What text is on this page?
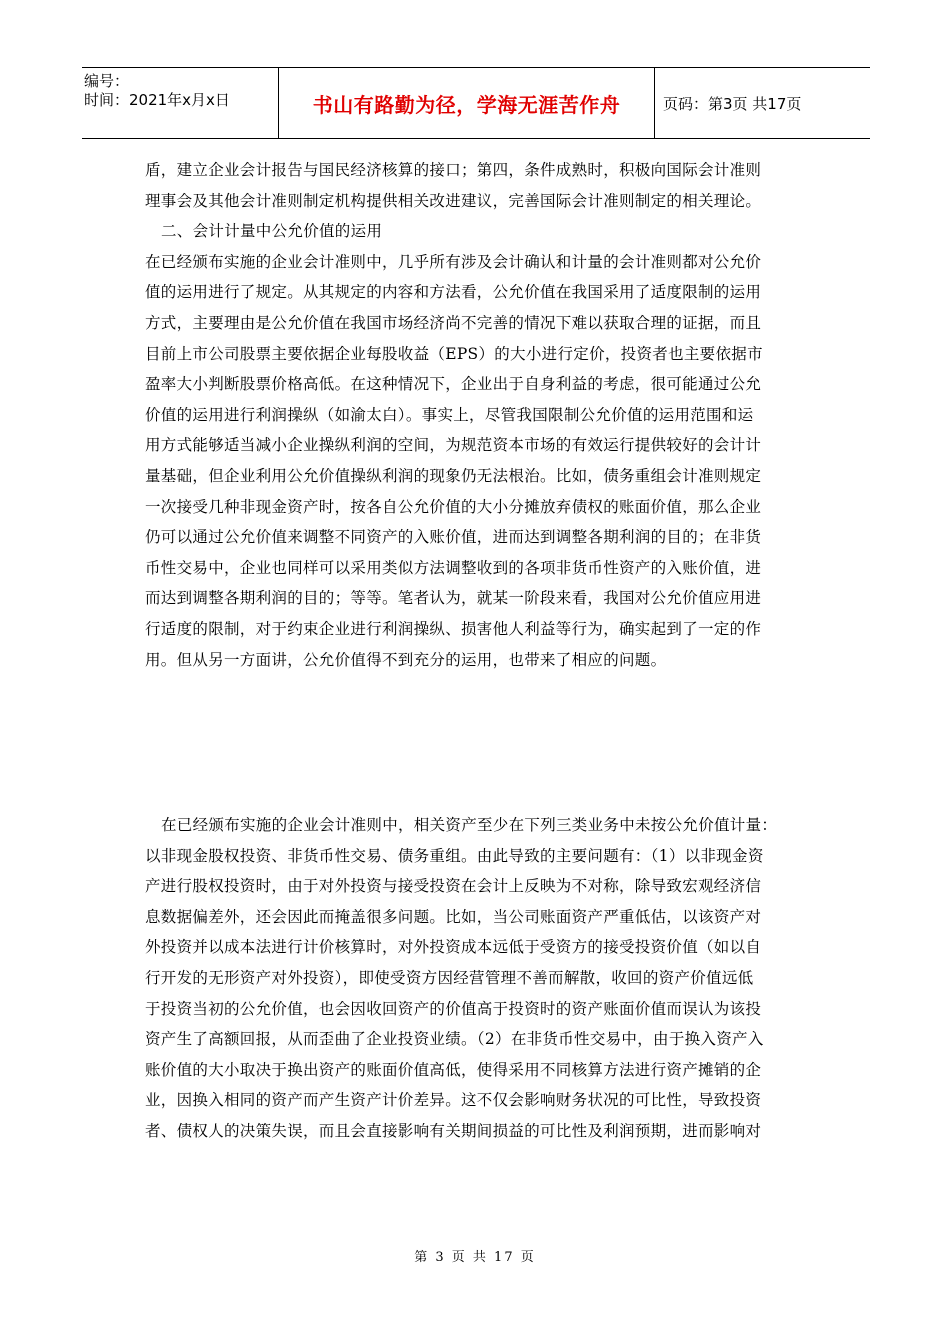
编号：
时间：2021年x月x日	书山有路勤为径，学海无涯苦作舟	页码：第3页 共17页

盾，建立企业会计报告与国民经济核算的接口；第四，条件成熟时，积极向国际会计准则

理事会及其他会计准则制定机构提供相关改进建议，完善国际会计准则制定的相关理论。

二、会计计量中公允价值的运用

在已经颁布实施的企业会计准则中，几乎所有涉及会计确认和计量的会计准则都对公允价

值的运用进行了规定。从其规定的内容和方法看，公允价值在我国采用了适度限制的运用

方式，主要理由是公允价值在我国市场经济尚不完善的情况下难以获取合理的证据，而且

目前上市公司股票主要依据企业每股收益（EPS）的大小进行定价，投资者也主要依据市

盈率大小判断股票价格高低。在这种情况下，企业出于自身利益的考虑，很可能通过公允

价值的运用进行利润操纵（如渝太白）。事实上，尽管我国限制公允价值的运用范围和运

用方式能够适当减小企业操纵利润的空间，为规范资本市场的有效运行提供较好的会计计

量基础，但企业利用公允价值操纵利润的现象仍无法根治。比如，债务重组会计准则规定

一次接受几种非现金资产时，按各自公允价值的大小分摊放弃债权的账面价值，那么企业

仍可以通过公允价值来调整不同资产的入账价值，进而达到调整各期利润的目的；在非货

币性交易中，企业也同样可以采用类似方法调整收到的各项非货币性资产的入账价值，进

而达到调整各期利润的目的；等等。笔者认为，就某一阶段来看，我国对公允价值应用进

行适度的限制，对于约束企业进行利润操纵、损害他人利益等行为，确实起到了一定的作

用。但从另一方面讲，公允价值得不到充分的运用，也带来了相应的问题。

在已经颁布实施的企业会计准则中，相关资产至少在下列三类业务中未按公允价值计量：

以非现金股权投资、非货币性交易、债务重组。由此导致的主要问题有：（1）以非现金资

产进行股权投资时，由于对外投资与接受投资在会计上反映为不对称，除导致宏观经济信

息数据偏差外，还会因此而掩盖很多问题。比如，当公司账面资产严重低估，以该资产对

外投资并以成本法进行计价核算时，对外投资成本远低于受资方的接受投资价值（如以自

行开发的无形资产对外投资），即使受资方因经营管理不善而解散，收回的资产价值远低

于投资当初的公允价值，也会因收回资产的价值高于投资时的资产账面价值而误认为该投

资产生了高额回报，从而歪曲了企业投资业绩。（2）在非货币性交易中，由于换入资产入

账价值的大小取决于换出资产的账面价值高低，使得采用不同核算方法进行资产摊销的企

业，因换入相同的资产而产生资产计价差异。这不仅会影响财务状况的可比性，导致投资

者、债权人的决策失误，而且会直接影响有关期间损益的可比性及利润预期，进而影响对

第 3 页 共 17 页
